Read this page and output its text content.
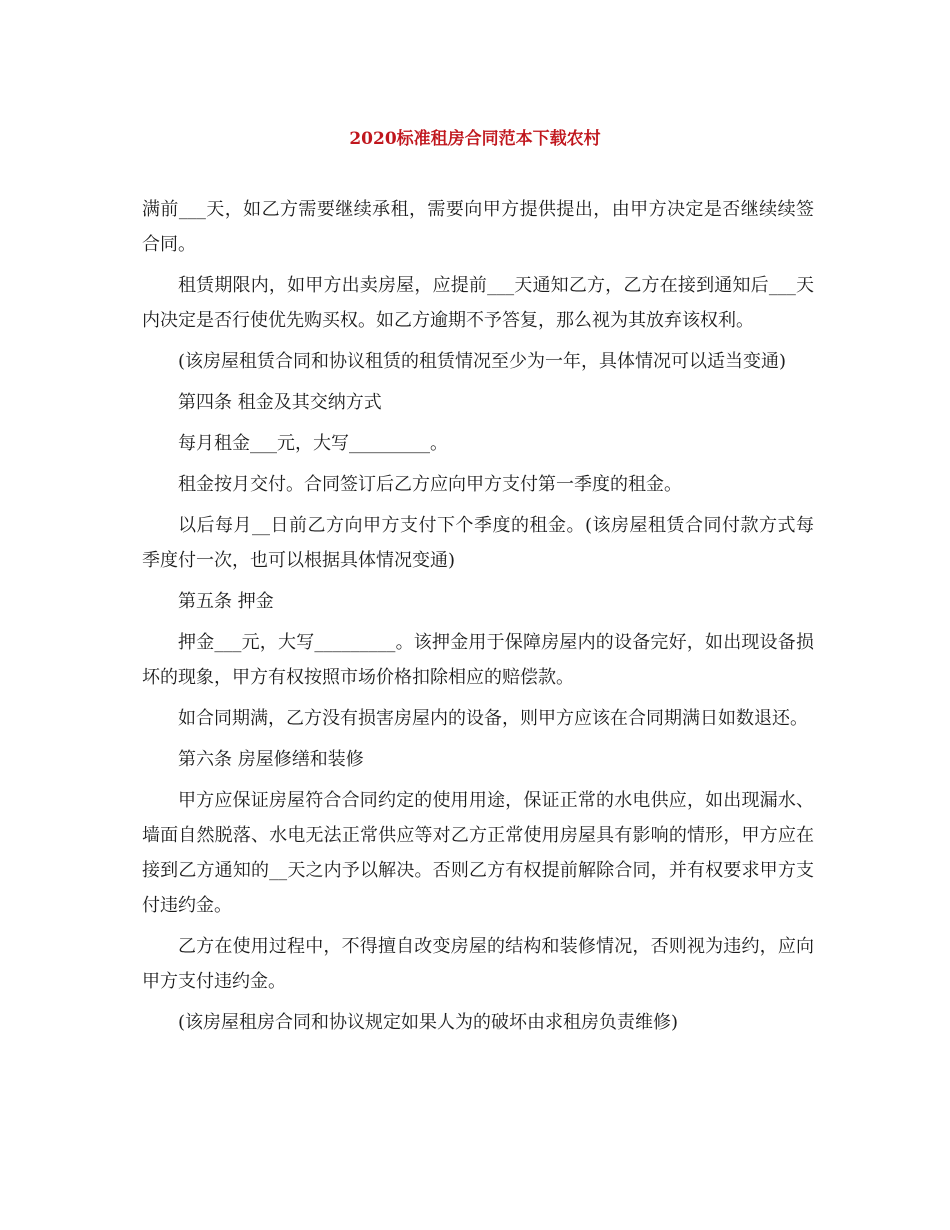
2020标准租房合同范本下载农村

满前___天，如乙方需要继续承租，需要向甲方提供提出，由甲方决定是否继续续签合同。

租赁期限内，如甲方出卖房屋，应提前___天通知乙方，乙方在接到通知后___天内决定是否行使优先购买权。如乙方逾期不予答复，那么视为其放弃该权利。

(该房屋租赁合同和协议租赁的租赁情况至少为一年，具体情况可以适当变通)

第四条 租金及其交纳方式

每月租金___元，大写_________。

租金按月交付。合同签订后乙方应向甲方支付第一季度的租金。

以后每月__日前乙方向甲方支付下个季度的租金。(该房屋租赁合同付款方式每季度付一次，也可以根据具体情况变通)

第五条 押金

押金___元，大写_________。该押金用于保障房屋内的设备完好，如出现设备损坏的现象，甲方有权按照市场价格扣除相应的赔偿款。

如合同期满，乙方没有损害房屋内的设备，则甲方应该在合同期满日如数退还。

第六条 房屋修缮和装修

甲方应保证房屋符合合同约定的使用用途，保证正常的水电供应，如出现漏水、墙面自然脱落、水电无法正常供应等对乙方正常使用房屋具有影响的情形，甲方应在接到乙方通知的__天之内予以解决。否则乙方有权提前解除合同，并有权要求甲方支付违约金。

乙方在使用过程中，不得擅自改变房屋的结构和装修情况，否则视为违约，应向甲方支付违约金。

(该房屋租房合同和协议规定如果人为的破坏由求租房负责维修)
